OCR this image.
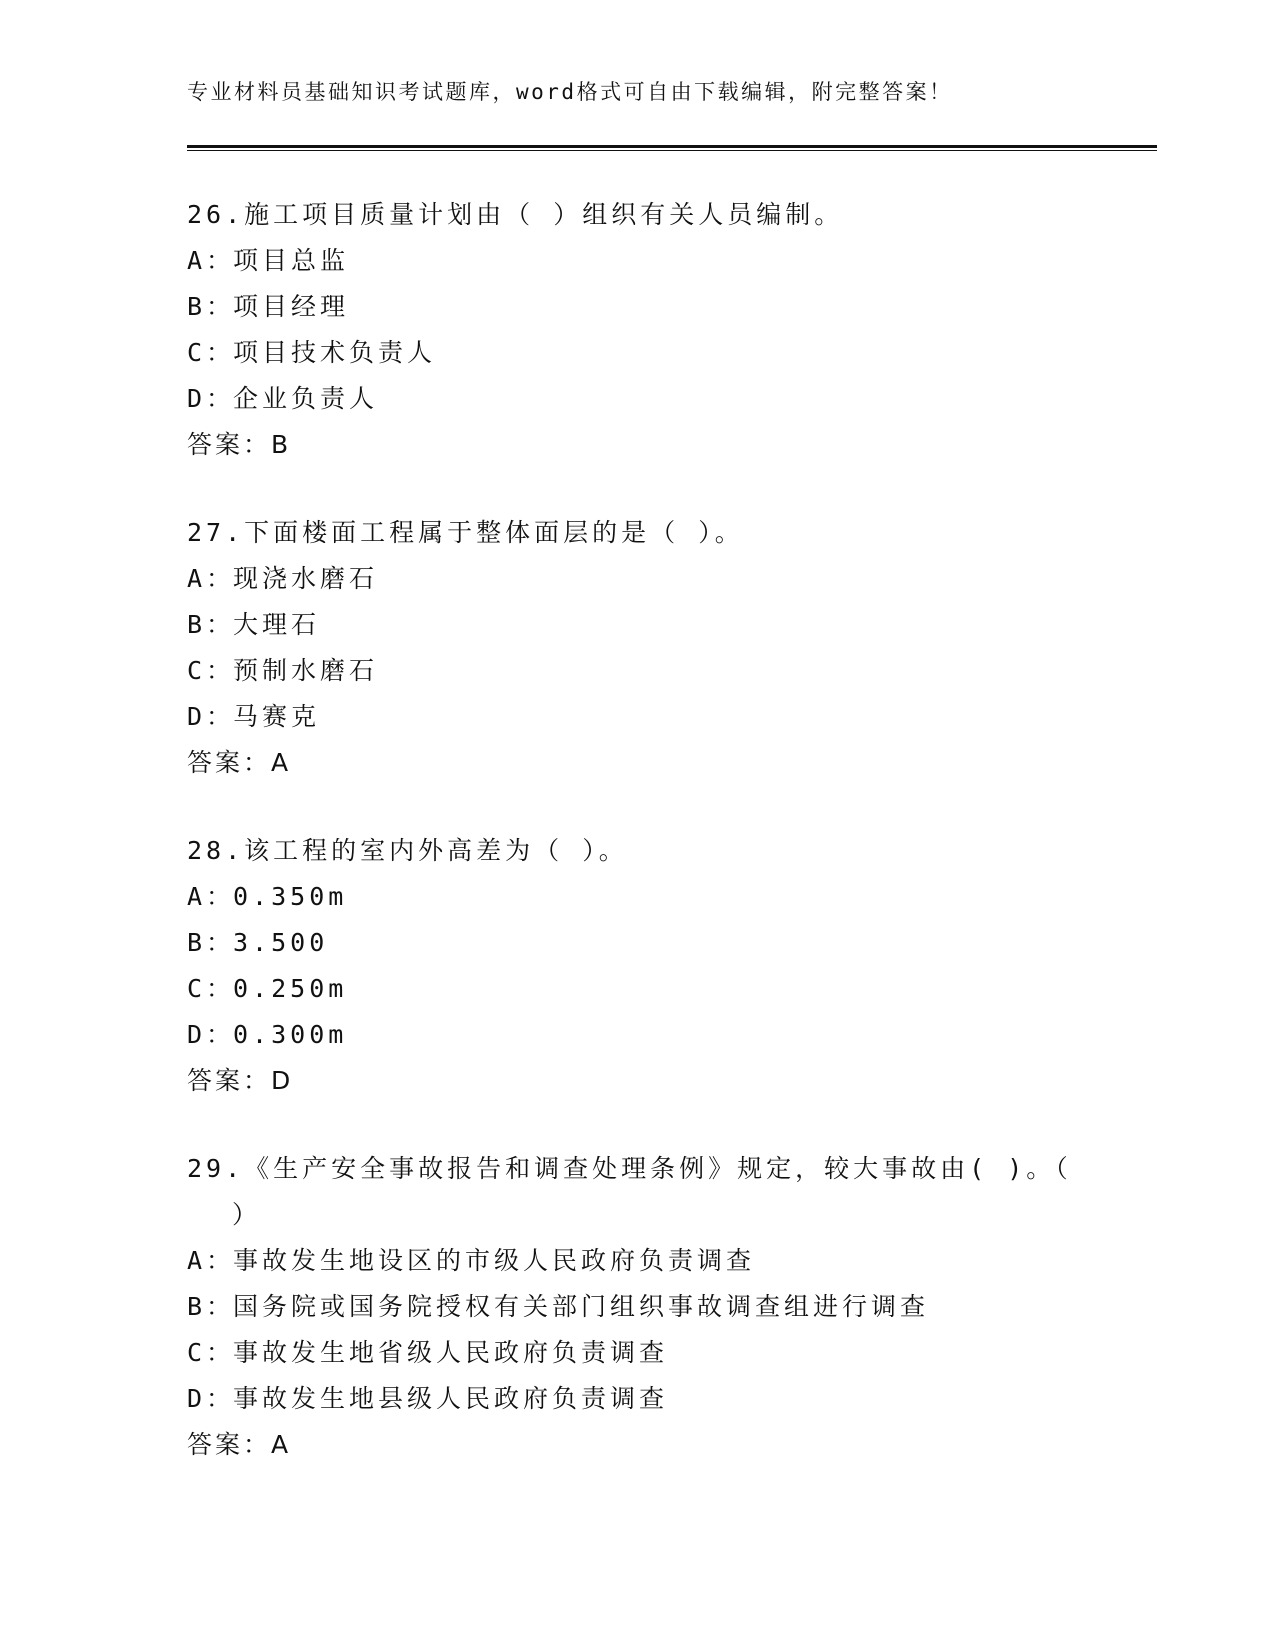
专业材料员基础知识考试题库，word格式可自由下载编辑，附完整答案！
26.施工项目质量计划由（ ）组织有关人员编制。
A：
项目总监
B：
项目经理
C：
项目技术负责人
D：
企业负责人
答案：B
27.下面楼面工程属于整体面层的是（ ）。
A：
现浇水磨石
B：
大理石
C：
预制水磨石
D：
马赛克
答案：A
28.该工程的室内外高差为（ ）。
A：
0.350m
B：
3.500
C：
0.250m
D：
0.300m
答案：D
29.《生产安全事故报告和调查处理条例》规定，较大事故由( )。（
）
A：
事故发生地设区的市级人民政府负责调查
B：
国务院或国务院授权有关部门组织事故调查组进行调查
C：
事故发生地省级人民政府负责调查
D：
事故发生地县级人民政府负责调查
答案：A
